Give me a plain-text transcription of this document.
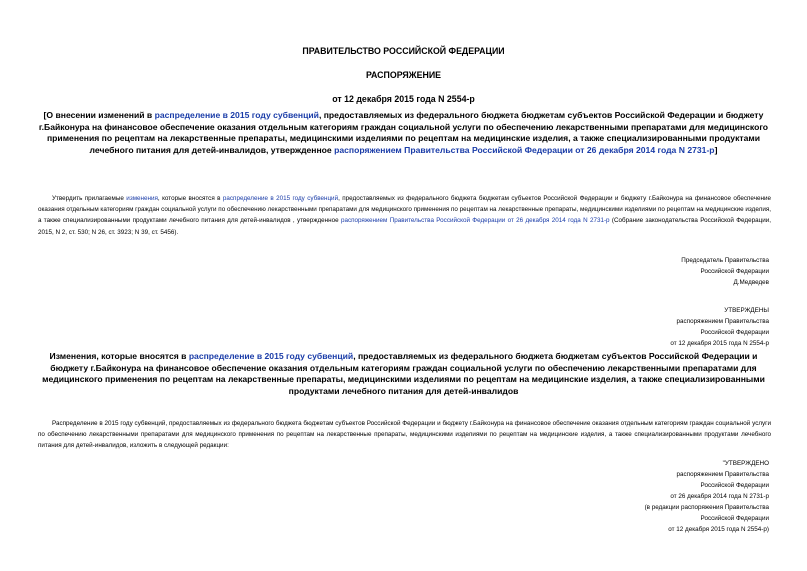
ПРАВИТЕЛЬСТВО РОССИЙСКОЙ ФЕДЕРАЦИИ
РАСПОРЯЖЕНИЕ
от 12 декабря 2015 года N 2554-р
[О внесении изменений в распределение в 2015 году субвенций, предоставляемых из федерального бюджета бюджетам субъектов Российской Федерации и бюджету г.Байконура на финансовое обеспечение оказания отдельным категориям граждан социальной услуги по обеспечению лекарственными препаратами для медицинского применения по рецептам на лекарственные препараты, медицинскими изделиями по рецептам на медицинские изделия, а также специализированными продуктами лечебного питания для детей-инвалидов, утвержденное распоряжением Правительства Российской Федерации от 26 декабря 2014 года N 2731-р]
Утвердить прилагаемые изменения, которые вносятся в распределение в 2015 году субвенций, предоставляемых из федерального бюджета бюджетам субъектов Российской Федерации и бюджету г.Байконура на финансовое обеспечение оказания отдельным категориям граждан социальной услуги по обеспечению лекарственными препаратами для медицинского применения по рецептам на лекарственные препараты, медицинскими изделиями по рецептам на медицинские изделия, а также специализированными продуктами лечебного питания для детей-инвалидов , утвержденное распоряжением Правительства Российской Федерации от 26 декабря 2014 года N 2731-р (Собрание законодательства Российской Федерации, 2015, N 2, ст. 530; N 26, ст. 3923; N 39, ст. 5456).
Председатель Правительства
Российской Федерации
Д.Медведев
УТВЕРЖДЕНЫ
распоряжением Правительства
Российской Федерации
от 12 декабря 2015 года N 2554-р
Изменения, которые вносятся в распределение в 2015 году субвенций, предоставляемых из федерального бюджета бюджетам субъектов Российской Федерации и бюджету г.Байконура на финансовое обеспечение оказания отдельным категориям граждан социальной услуги по обеспечению лекарственными препаратами для медицинского применения по рецептам на лекарственные препараты, медицинскими изделиями по рецептам на медицинские изделия, а также специализированными продуктами лечебного питания для детей-инвалидов
Распределение в 2015 году субвенций, предоставляемых из федерального бюджета бюджетам субъектов Российской Федерации и бюджету г.Байконура на финансовое обеспечение оказания отдельным категориям граждан социальной услуги по обеспечению лекарственными препаратами для медицинского применения по рецептам на лекарственные препараты, медицинскими изделиями по рецептам на медицинские изделия, а также специализированными продуктами лечебного питания для детей-инвалидов, изложить в следующей редакции:
"УТВЕРЖДЕНО
распоряжением Правительства
Российской Федерации
от 26 декабря 2014 года N 2731-р
(в редакции распоряжения Правительства
Российской Федерации
от 12 декабря 2015 года N 2554-р)
